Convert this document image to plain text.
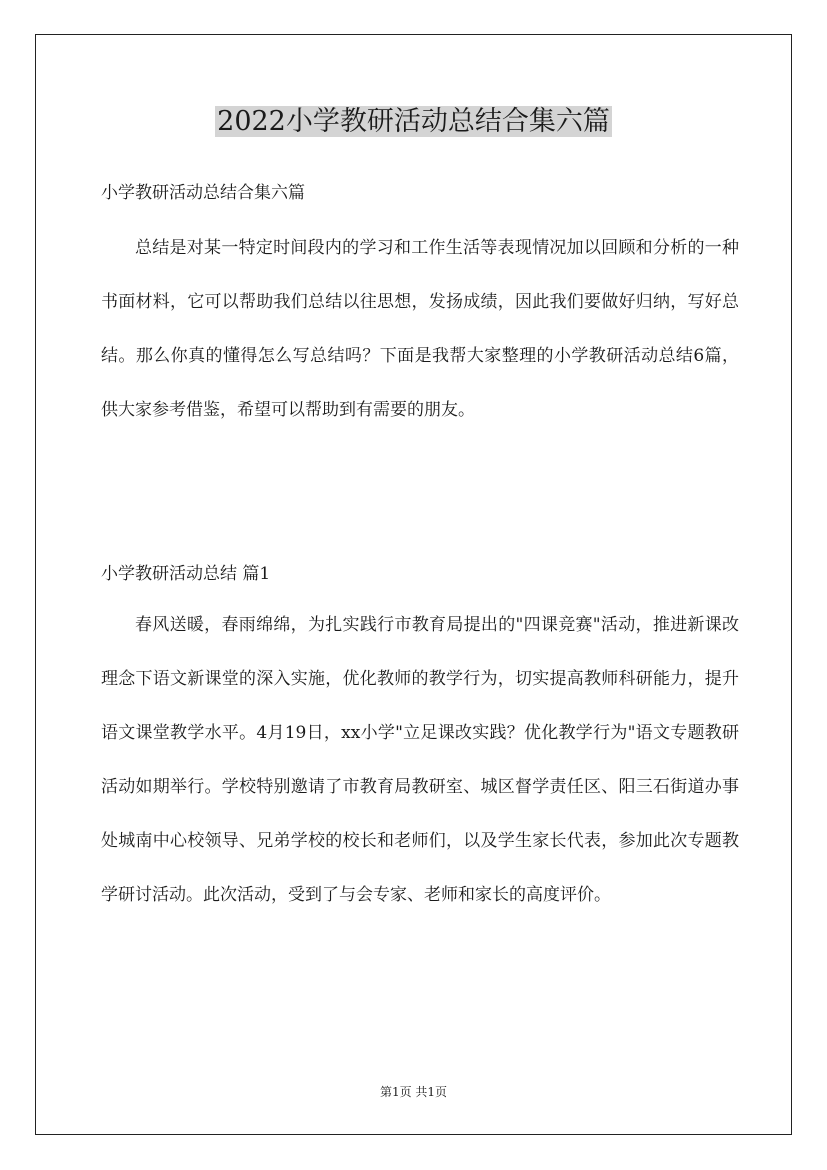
2022小学教研活动总结合集六篇
小学教研活动总结合集六篇
总结是对某一特定时间段内的学习和工作生活等表现情况加以回顾和分析的一种书面材料，它可以帮助我们总结以往思想，发扬成绩，因此我们要做好归纳，写好总结。那么你真的懂得怎么写总结吗？下面是我帮大家整理的小学教研活动总结6篇，供大家参考借鉴，希望可以帮助到有需要的朋友。
小学教研活动总结 篇1
春风送暖，春雨绵绵，为扎实践行市教育局提出的"四课竞赛"活动，推进新课改理念下语文新课堂的深入实施，优化教师的教学行为，切实提高教师科研能力，提升语文课堂教学水平。4月19日，xx小学"立足课改实践？优化教学行为"语文专题教研活动如期举行。学校特别邀请了市教育局教研室、城区督学责任区、阳三石街道办事处城南中心校领导、兄弟学校的校长和老师们，以及学生家长代表，参加此次专题教学研讨活动。此次活动，受到了与会专家、老师和家长的高度评价。
第1页 共1页
